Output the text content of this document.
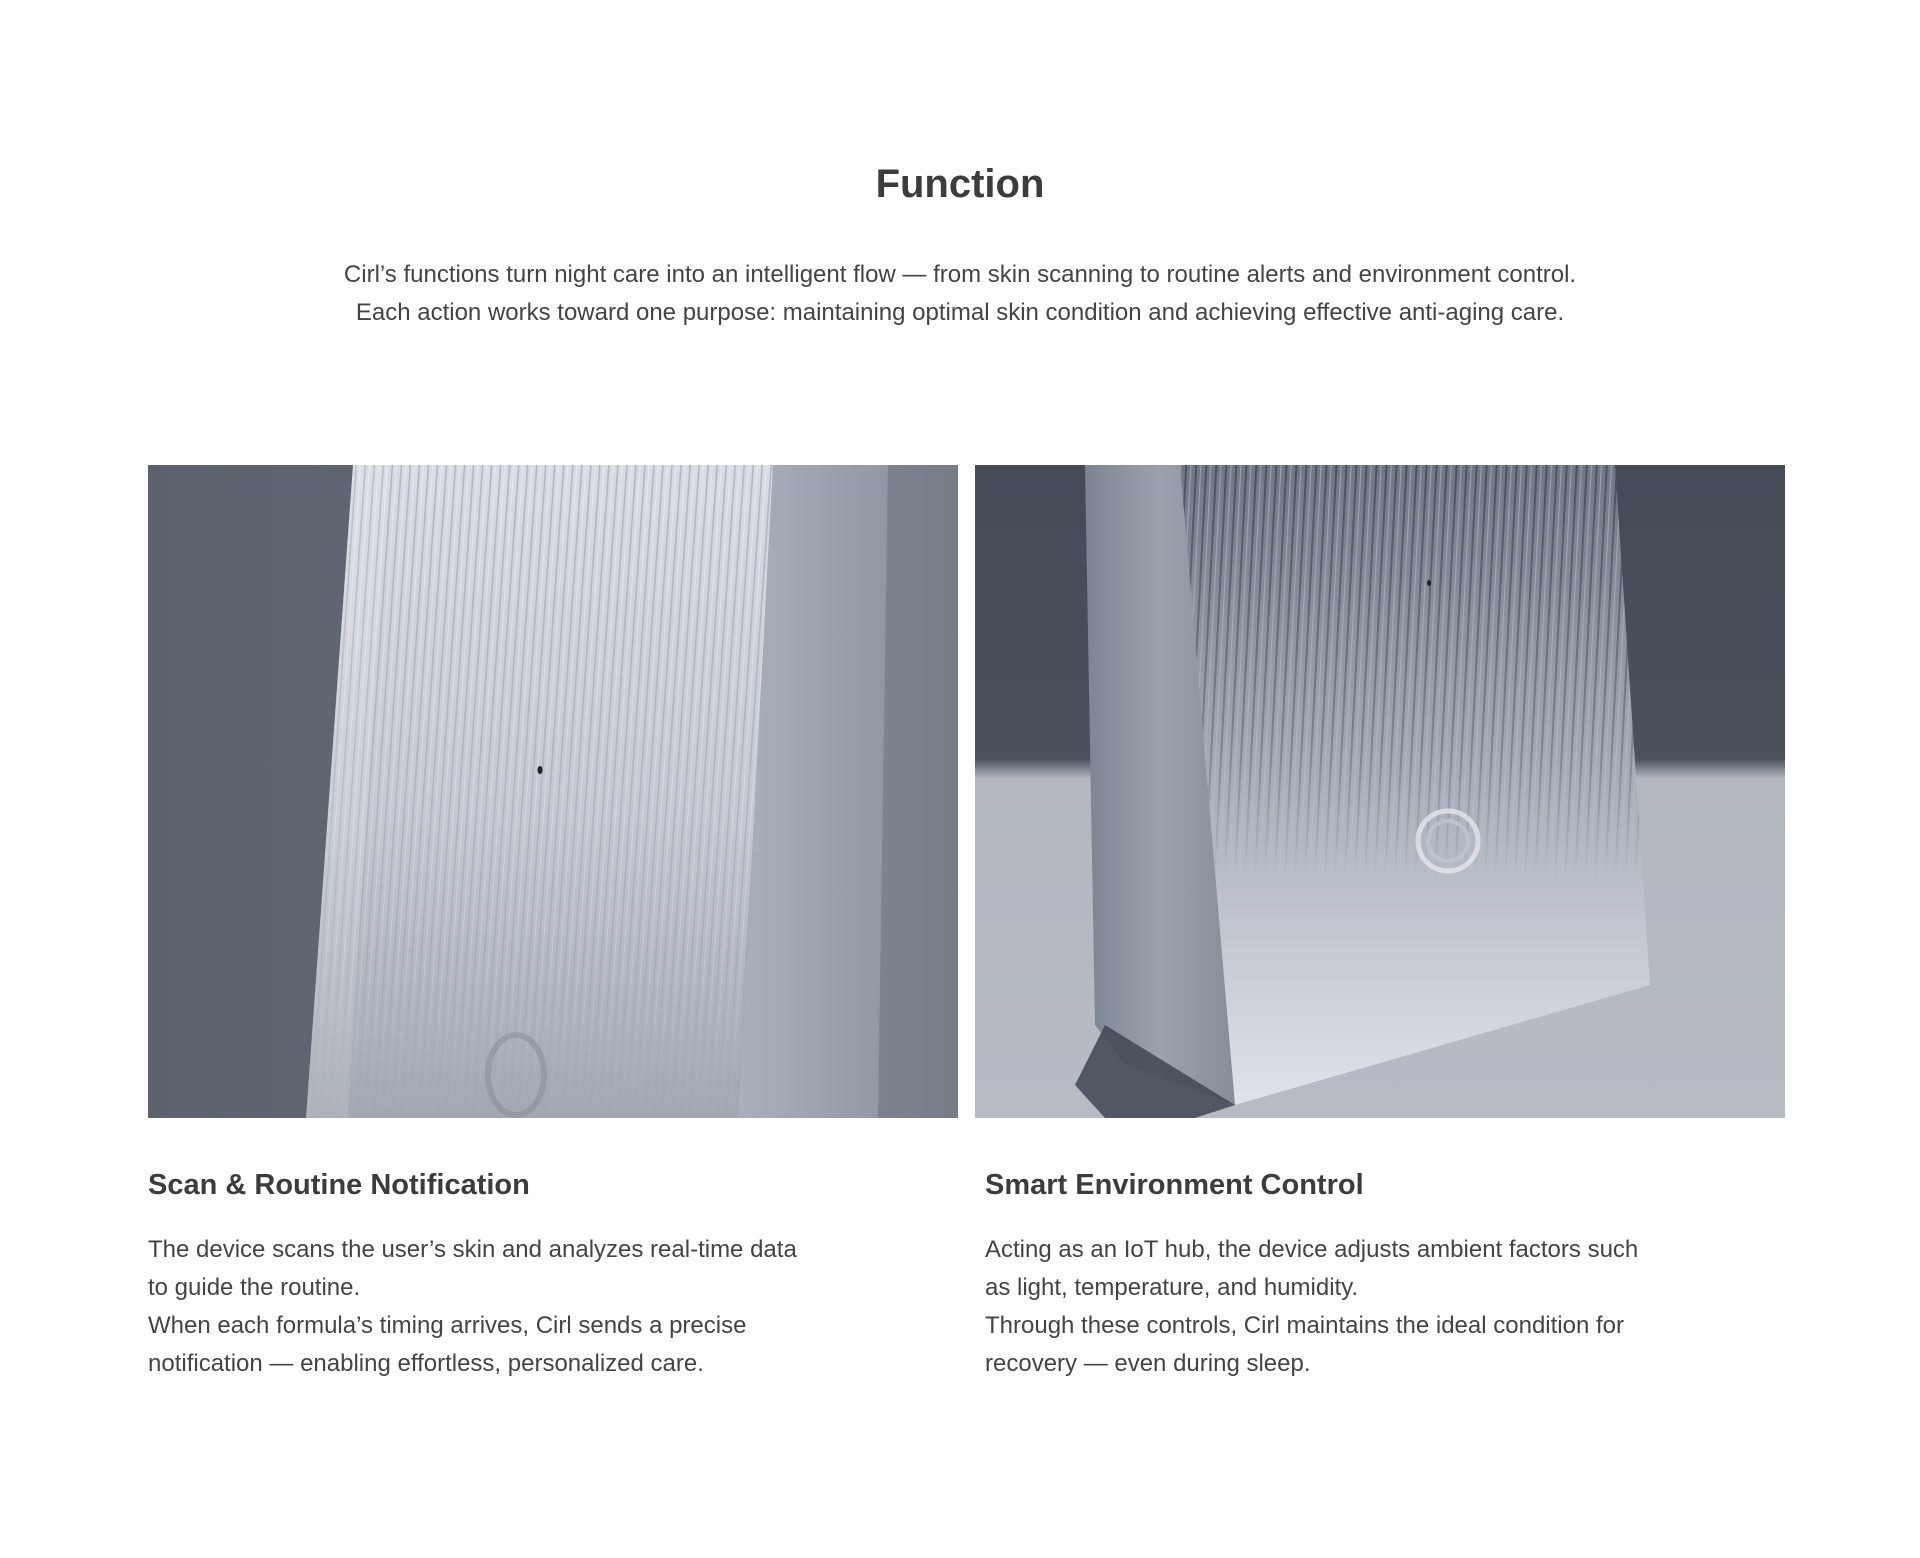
Function

Cirl’s functions turn night care into an intelligent flow — from skin scanning to routine alerts and environment control.
Each action works toward one purpose: maintaining optimal skin condition and achieving effective anti-aging care.

Scan & Routine Notification

The device scans the user’s skin and analyzes real-time data
to guide the routine.
When each formula’s timing arrives, Cirl sends a precise
notification — enabling effortless, personalized care.

Smart Environment Control

Acting as an IoT hub, the device adjusts ambient factors such
as light, temperature, and humidity.
Through these controls, Cirl maintains the ideal condition for
recovery — even during sleep.
